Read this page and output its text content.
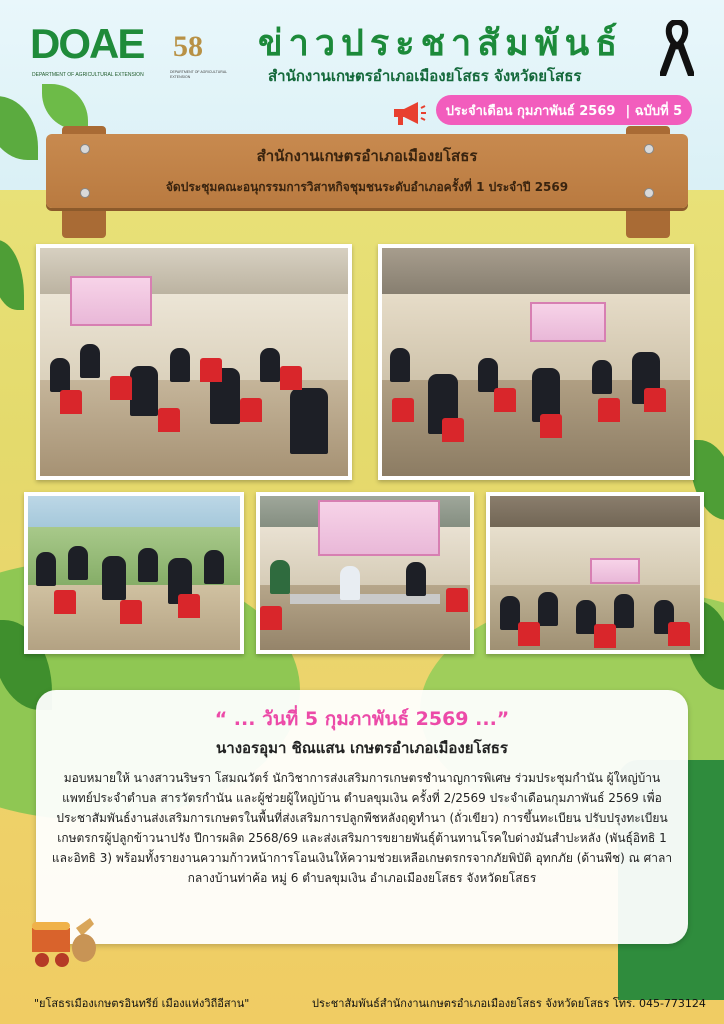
DOAE
DEPARTMENT OF AGRICULTURAL EXTENSION
58
DEPARTMENT OF AGRICULTURAL EXTENSION
ข่าวประชาสัมพันธ์
สำนักงานเกษตรอำเภอเมืองยโสธร จังหวัดยโสธร
ประจำเดือน กุมภาพันธ์ 2569 | ฉบับที่ 5
สำนักงานเกษตรอำเภอเมืองยโสธร
จัดประชุมคณะอนุกรรมการวิสาหกิจชุมชนระดับอำเภอครั้งที่ 1 ประจำปี 2569
“ ... วันที่ 5 กุมภาพันธ์ 2569 ...”
นางอรอุมา ชิณแสน เกษตรอำเภอเมืองยโสธร
มอบหมายให้ นางสาวนริษรา โสมณวัตร์ นักวิชาการส่งเสริมการเกษตรชำนาญการพิเศษ ร่วมประชุมกำนัน ผู้ใหญ่บ้าน แพทย์ประจำตำบล สารวัตรกำนัน และผู้ช่วยผู้ใหญ่บ้าน ตำบลขุมเงิน ครั้งที่ 2/2569 ประจำเดือนกุมภาพันธ์ 2569 เพื่อประชาสัมพันธ์งานส่งเสริมการเกษตรในพื้นที่ส่งเสริมการปลูกพืชหลังฤดูทำนา (ถั่วเขียว) การขึ้นทะเบียน ปรับปรุงทะเบียนเกษตรกรผู้ปลูกข้าวนาปรัง ปีการผลิต 2568/69 และส่งเสริมการขยายพันธุ์ต้านทานโรคใบด่างมันสำปะหลัง (พันธุ์อิทธิ 1 และอิทธิ 3) พร้อมทั้งรายงานความก้าวหน้าการโอนเงินให้ความช่วยเหลือเกษตรกรจากภัยพิบัติ อุทกภัย (ด้านพืช) ณ ศาลากลางบ้านท่าค้อ หมู่ 6 ตำบลขุมเงิน อำเภอเมืองยโสธร จังหวัดยโสธร
"ยโสธรเมืองเกษตรอินทรีย์ เมืองแห่งวิถีอีสาน"	ประชาสัมพันธ์สำนักงานเกษตรอำเภอเมืองยโสธร จังหวัดยโสธร โทร. 045-773124
